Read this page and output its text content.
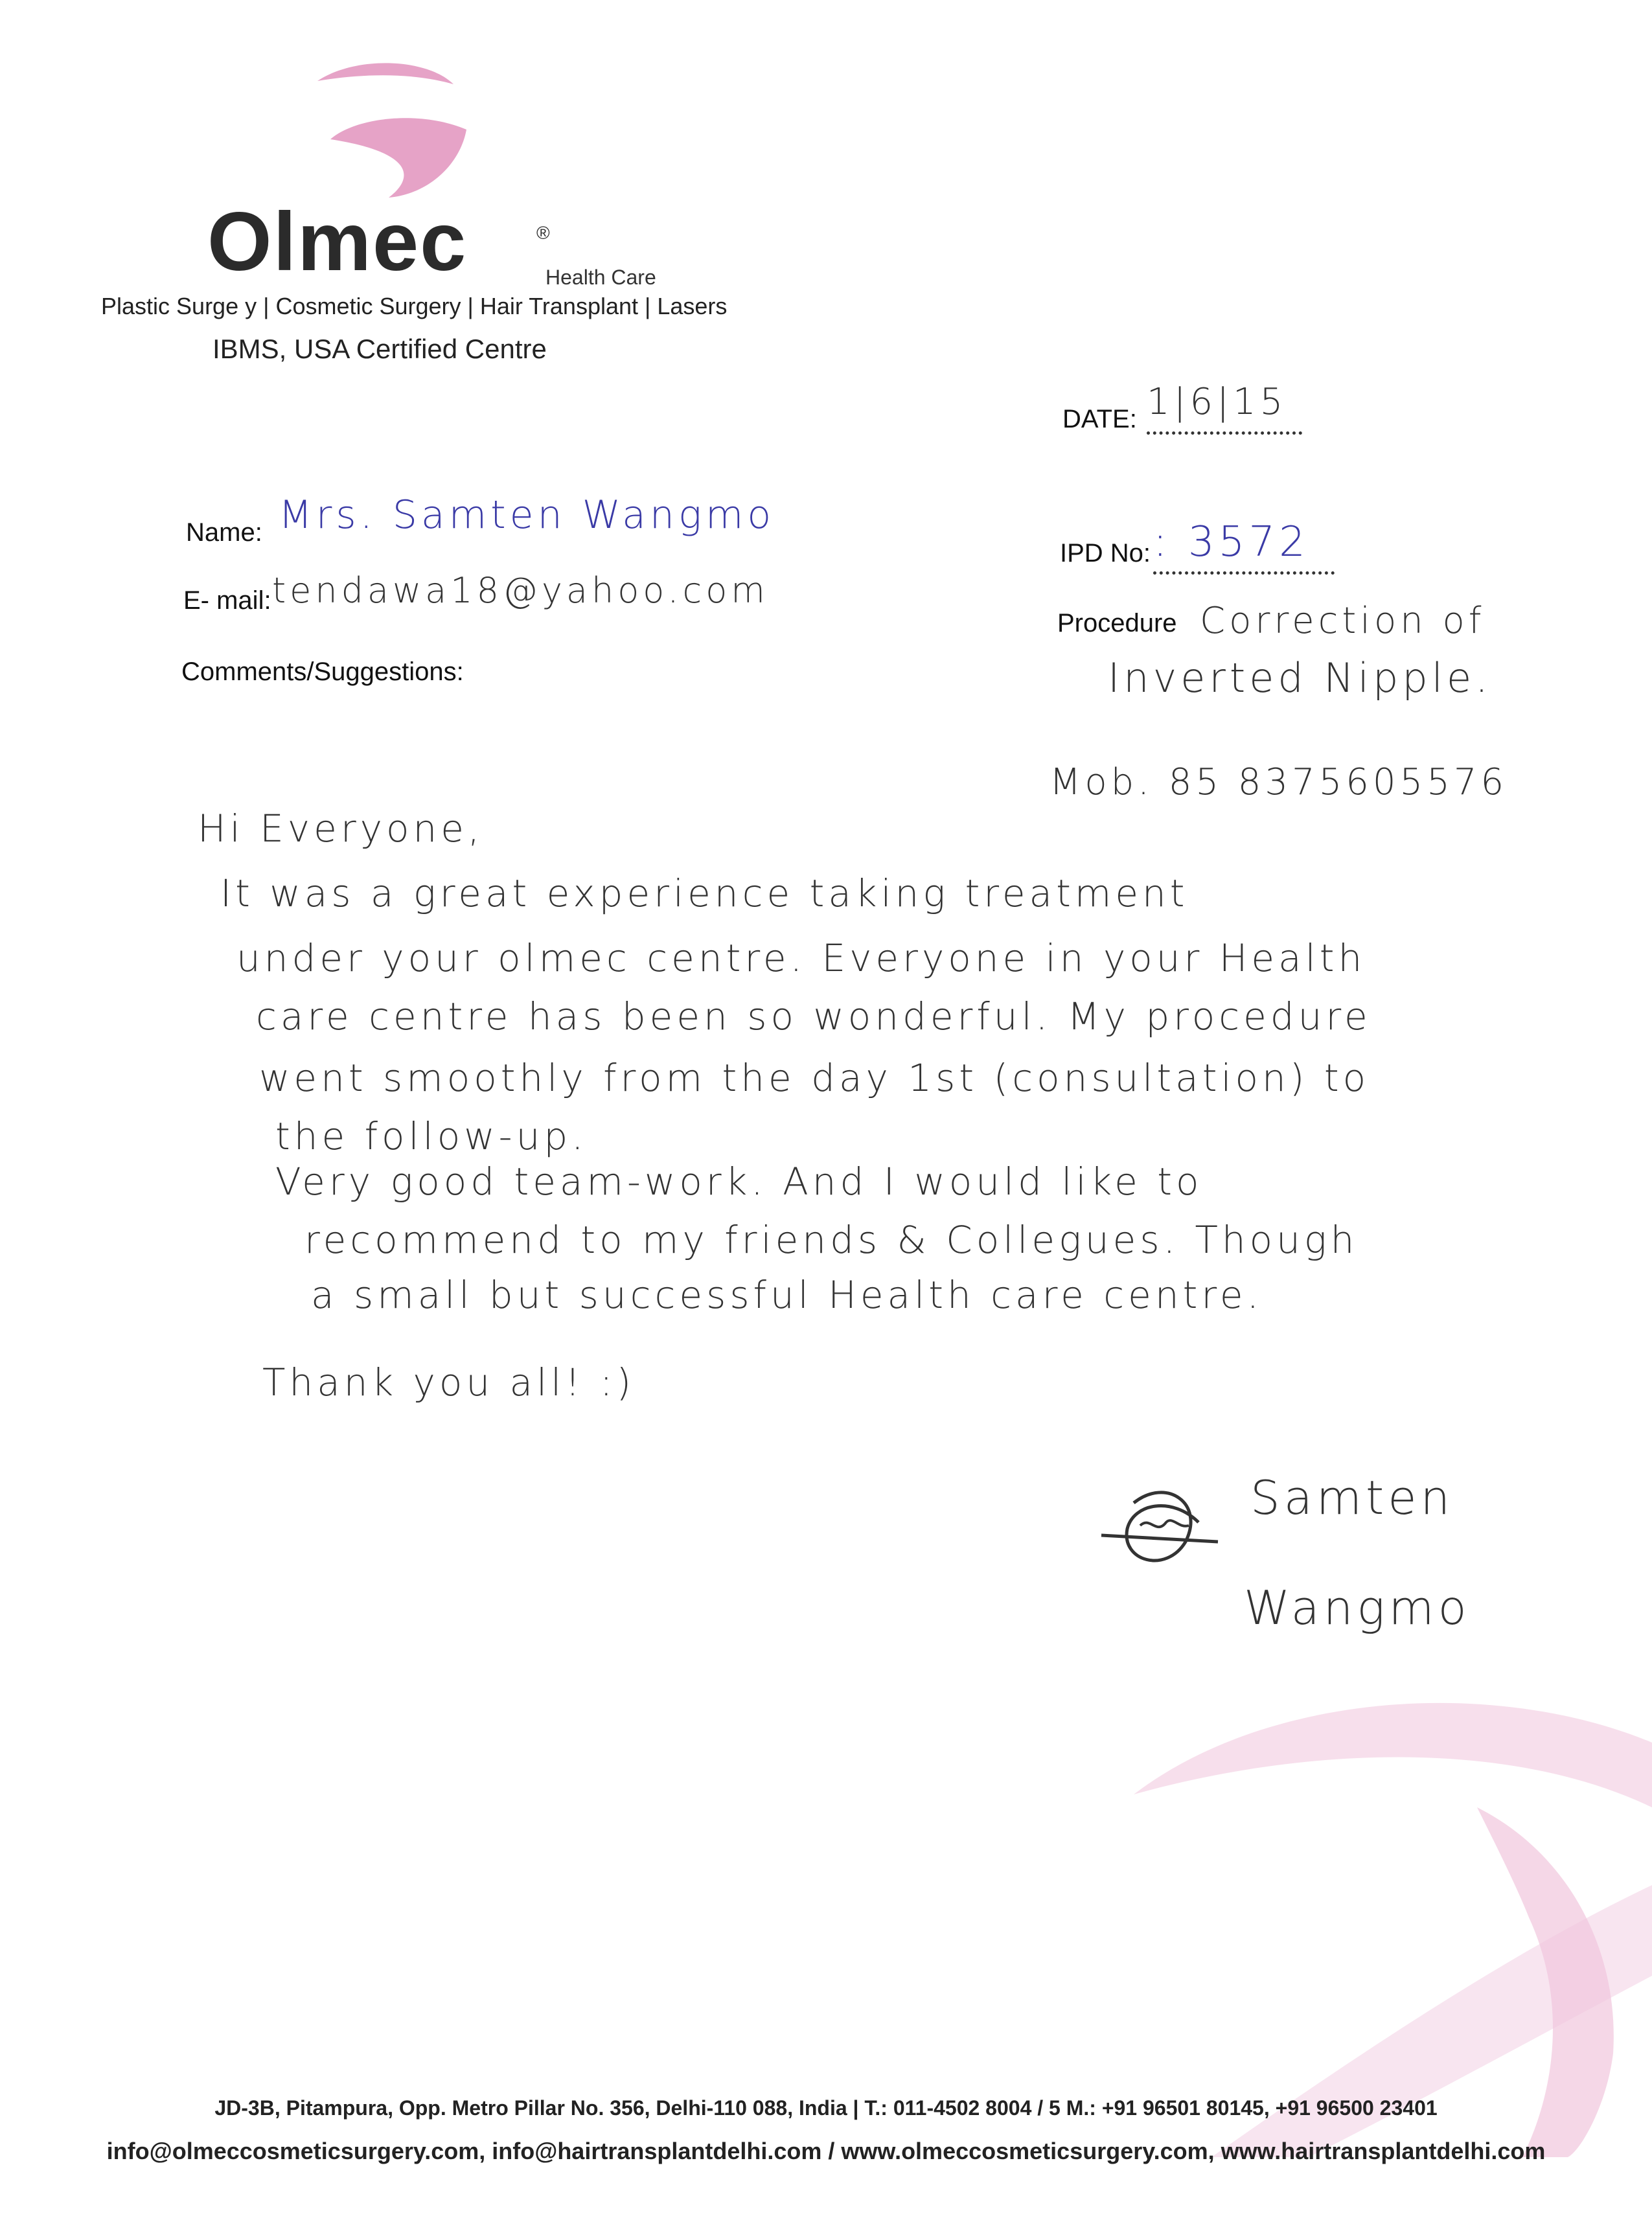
Olmec	®
Health Care
Plastic Surge y | Cosmetic Surgery | Hair Transplant | Lasers
IBMS, USA Certified Centre
DATE: 1|6|15
Name: Mrs. Samten Wangmo
IPD No: : 3572
E- mail: tendawa18@yahoo.com
Procedure Correction of
Inverted Nipple.
Comments/Suggestions:
Mob. 85 8375605576
Hi Everyone,
It was a great experience taking treatment
under your olmec centre. Everyone in your Health
care centre has been so wonderful. My procedure
went smoothly from the day 1st (consultation) to
the follow-up.
Very good team-work. And I would like to
recommend to my friends & Collegues. Though
a small but successful Health care centre.
Thank you all! :)
Samten
Wangmo
JD-3B, Pitampura, Opp. Metro Pillar No. 356, Delhi-110 088, India | T.: 011-4502 8004 / 5 M.: +91 96501 80145, +91 96500 23401
info@olmeccosmeticsurgery.com, info@hairtransplantdelhi.com / www.olmeccosmeticsurgery.com, www.hairtransplantdelhi.com
